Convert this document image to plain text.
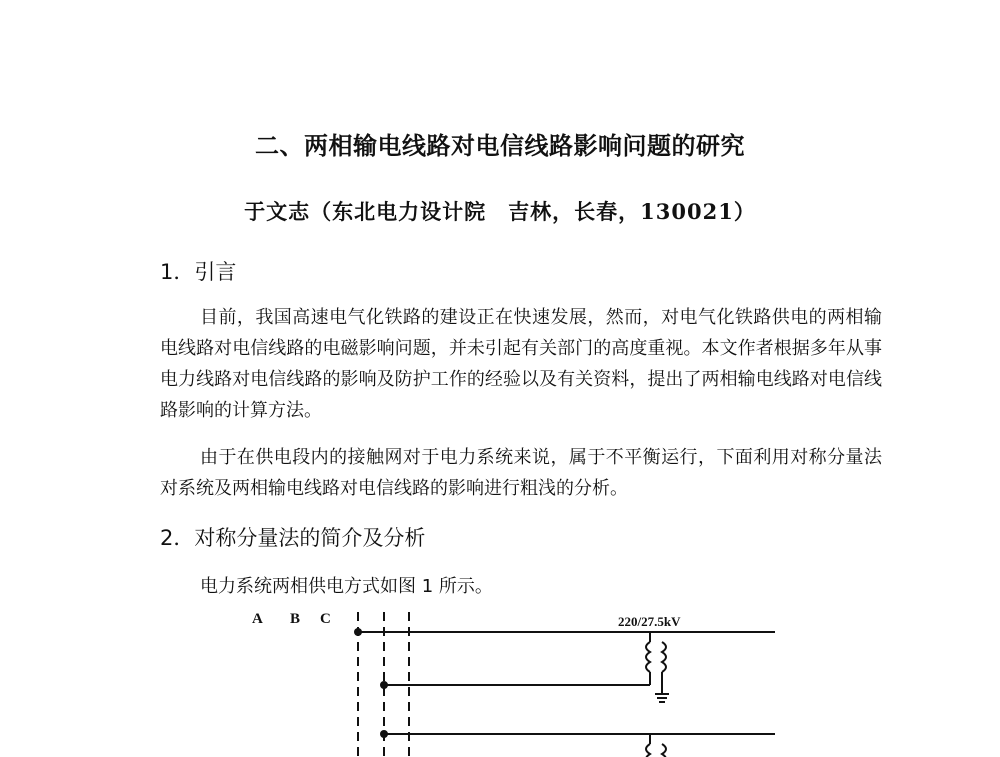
二、两相输电线路对电信线路影响问题的研究
于文志（东北电力设计院　吉林，长春，130021）
1．引言
目前，我国高速电气化铁路的建设正在快速发展，然而，对电气化铁路供电的两相输电线路对电信线路的电磁影响问题，并未引起有关部门的高度重视。本文作者根据多年从事电力线路对电信线路的影响及防护工作的经验以及有关资料，提出了两相输电线路对电信线路影响的计算方法。
由于在供电段内的接触网对于电力系统来说，属于不平衡运行，下面利用对称分量法对系统及两相输电线路对电信线路的影响进行粗浅的分析。
2．对称分量法的简介及分析
电力系统两相供电方式如图 1 所示。
A B C	220/27.5kV
